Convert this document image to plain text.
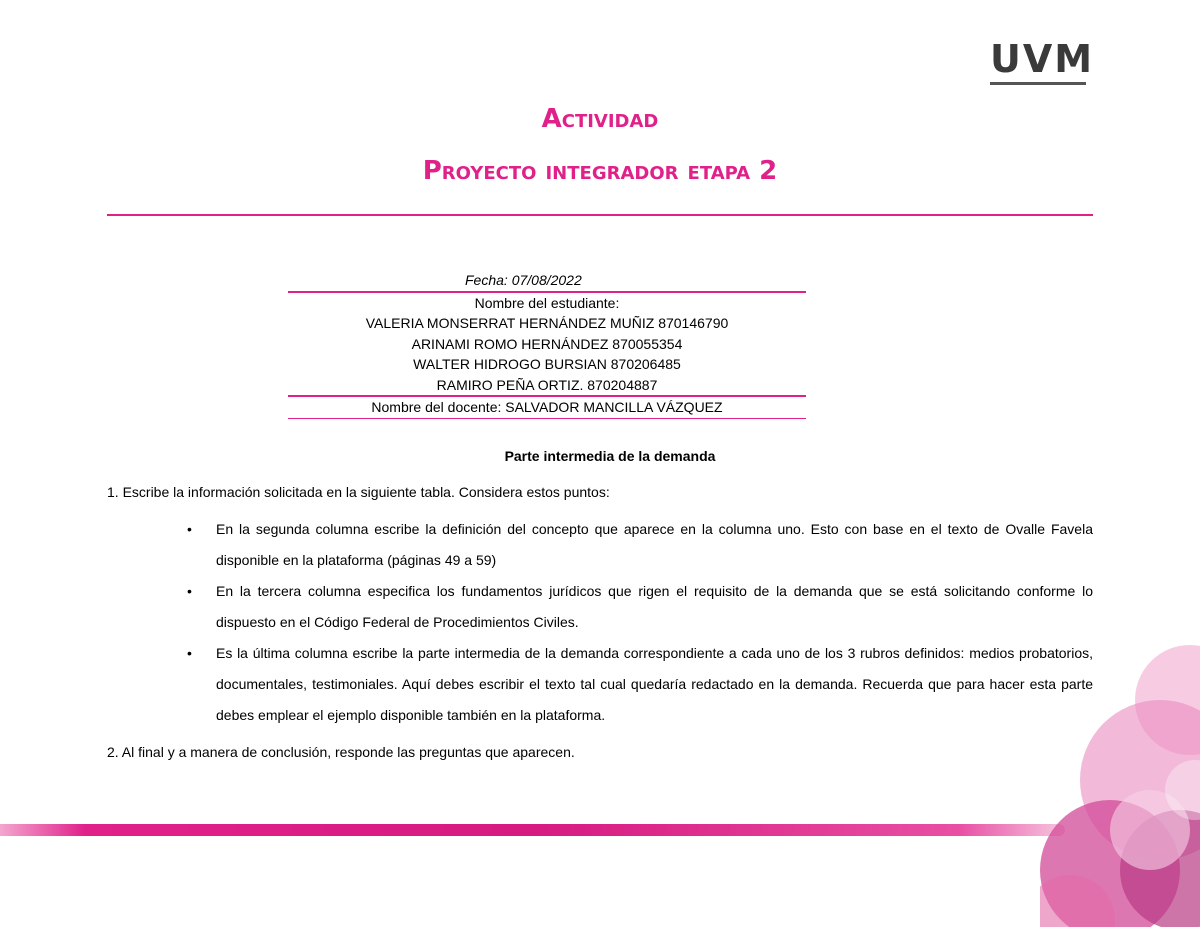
UVM
Actividad
Proyecto integrador etapa 2
Fecha: 07/08/2022
Nombre del estudiante:
VALERIA MONSERRAT HERNÁNDEZ MUÑIZ 870146790
ARINAMI ROMO HERNÁNDEZ 870055354
WALTER HIDROGO BURSIAN 870206485
RAMIRO PEÑA ORTIZ. 870204887
Nombre del docente: SALVADOR MANCILLA VÁZQUEZ
Parte intermedia de la demanda
1. Escribe la información solicitada en la siguiente tabla. Considera estos puntos:
• En la segunda columna escribe la definición del concepto que aparece en la columna uno. Esto con base en el texto de Ovalle Favela disponible en la plataforma (páginas 49 a 59)
• En la tercera columna especifica los fundamentos jurídicos que rigen el requisito de la demanda que se está solicitando conforme lo dispuesto en el Código Federal de Procedimientos Civiles.
• Es la última columna escribe la parte intermedia de la demanda correspondiente a cada uno de los 3 rubros definidos: medios probatorios, documentales, testimoniales. Aquí debes escribir el texto tal cual quedaría redactado en la demanda. Recuerda que para hacer esta parte debes emplear el ejemplo disponible también en la plataforma.
2. Al final y a manera de conclusión, responde las preguntas que aparecen.
